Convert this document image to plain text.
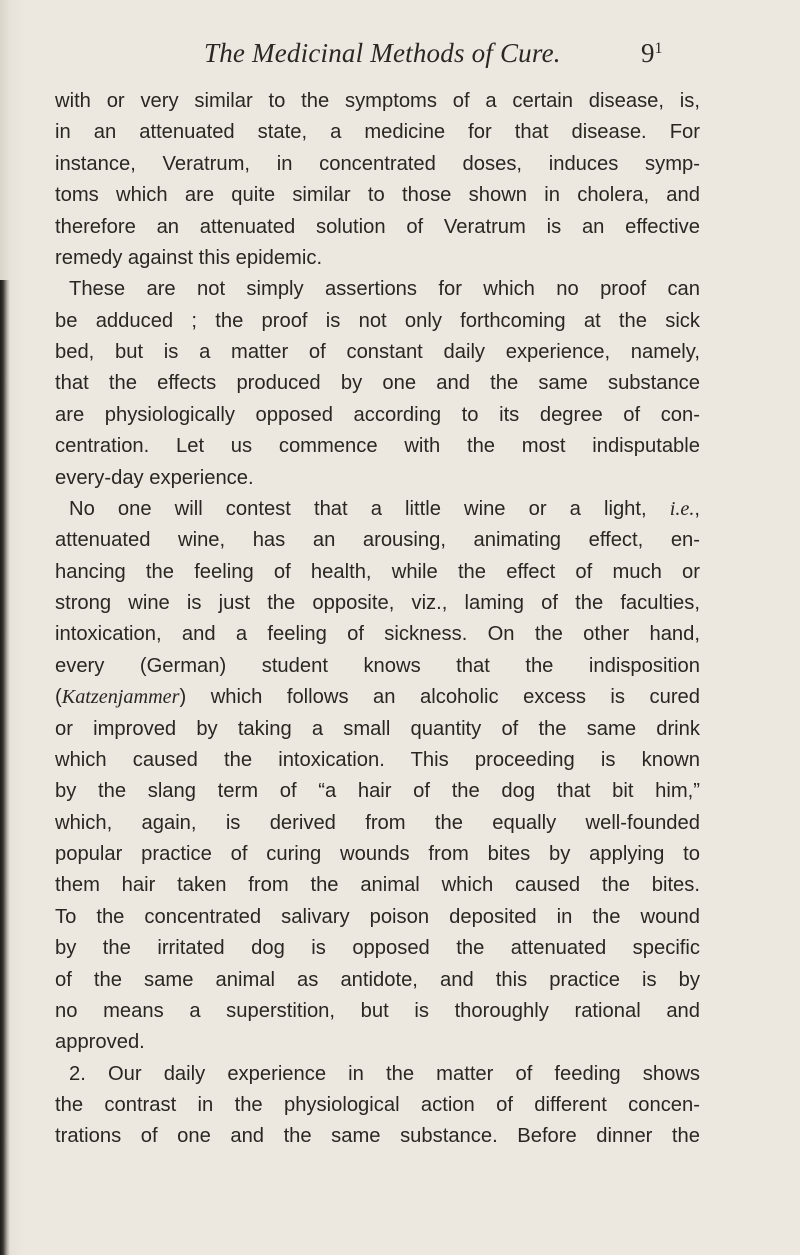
The Medicinal Methods of Cure.	$9^1$
with or very similar to the symptoms of a certain disease, is,
in an attenuated state, a medicine for that disease. For
instance, Veratrum, in concentrated doses, induces symp-
toms which are quite similar to those shown in cholera, and
therefore an attenuated solution of Veratrum is an effective
remedy against this epidemic.
These are not simply assertions for which no proof can
be adduced ; the proof is not only forthcoming at the sick
bed, but is a matter of constant daily experience, namely,
that the effects produced by one and the same substance
are physiologically opposed according to its degree of con-
centration. Let us commence with the most indisputable
every-day experience.
No one will contest that a little wine or a light, i.e.,
attenuated wine, has an arousing, animating effect, en-
hancing the feeling of health, while the effect of much or
strong wine is just the opposite, viz., laming of the faculties,
intoxication, and a feeling of sickness. On the other hand,
every (German) student knows that the indisposition
(Katzenjammer) which follows an alcoholic excess is cured
or improved by taking a small quantity of the same drink
which caused the intoxication. This proceeding is known
by the slang term of “a hair of the dog that bit him,”
which, again, is derived from the equally well-founded
popular practice of curing wounds from bites by applying to
them hair taken from the animal which caused the bites.
To the concentrated salivary poison deposited in the wound
by the irritated dog is opposed the attenuated specific
of the same animal as antidote, and this practice is by
no means a superstition, but is thoroughly rational and
approved.
2. Our daily experience in the matter of feeding shows
the contrast in the physiological action of different concen-
trations of one and the same substance. Before dinner the
